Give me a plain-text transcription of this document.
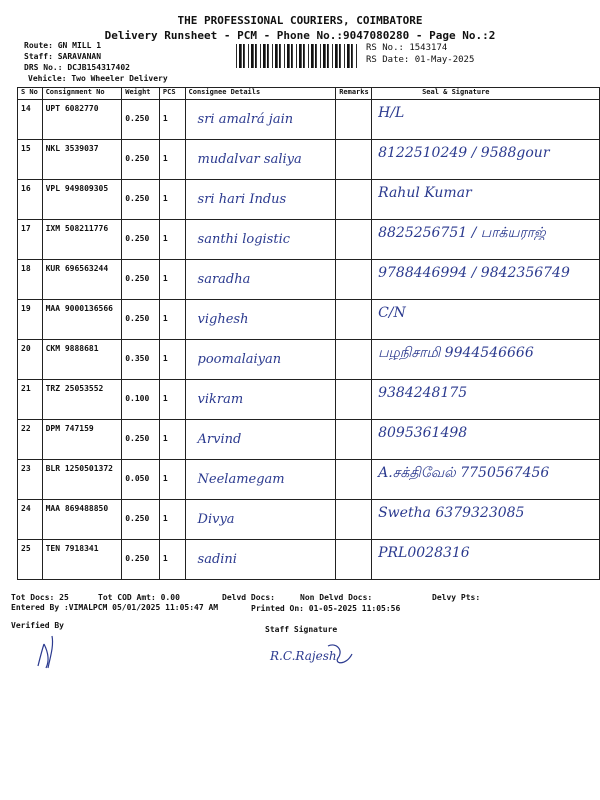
THE PROFESSIONAL COURIERS, COIMBATORE
Delivery Runsheet - PCM - Phone No.:9047080280 - Page No.:2
Route: GN MILL 1
Staff: SARAVANAN
DRS No.: DCJB154317402
Vehicle: Two Wheeler Delivery
RS No.: 1543174
RS Date: 01-May-2025
S No	Consignment No	Weight	PCS	Consignee Details	Remarks	Seal & Signature

14	UPT 6082770	0.250	1	sri amalrá jain		H/L

15	NKL 3539037	0.250	1	mudalvar saliya		8122510249 / 9588gour

16	VPL 949809305	0.250	1	sri hari Indus		Rahul Kumar

17	IXM 508211776	0.250	1	santhi logistic		8825256751 / பாக்யராஜ்

18	KUR 696563244	0.250	1	saradha		9788446994 / 9842356749

19	MAA 9000136566	0.250	1	vighesh		C/N

20	CKM 9888681	0.350	1	poomalaiyan		பழநிசாமி 9944546666

21	TRZ 25053552	0.100	1	vikram		9384248175

22	DPM 747159	0.250	1	Arvind		8095361498

23	BLR 1250501372	0.050	1	Neelamegam		A.சக்திவேல் 7750567456

24	MAA 869488850	0.250	1	Divya		Swetha 6379323085

25	TEN 7918341	0.250	1	sadini		PRL0028316
Tot Docs: 25	Tot COD Amt: 0.00	Delvd Docs:	Non Delvd Docs:	Delvy Pts:
Entered By :VIMALPCM 05/01/2025 11:05:47 AM	Printed On: 01-05-2025 11:05:56
Verified By	Staff Signature
R.C.Rajesh
